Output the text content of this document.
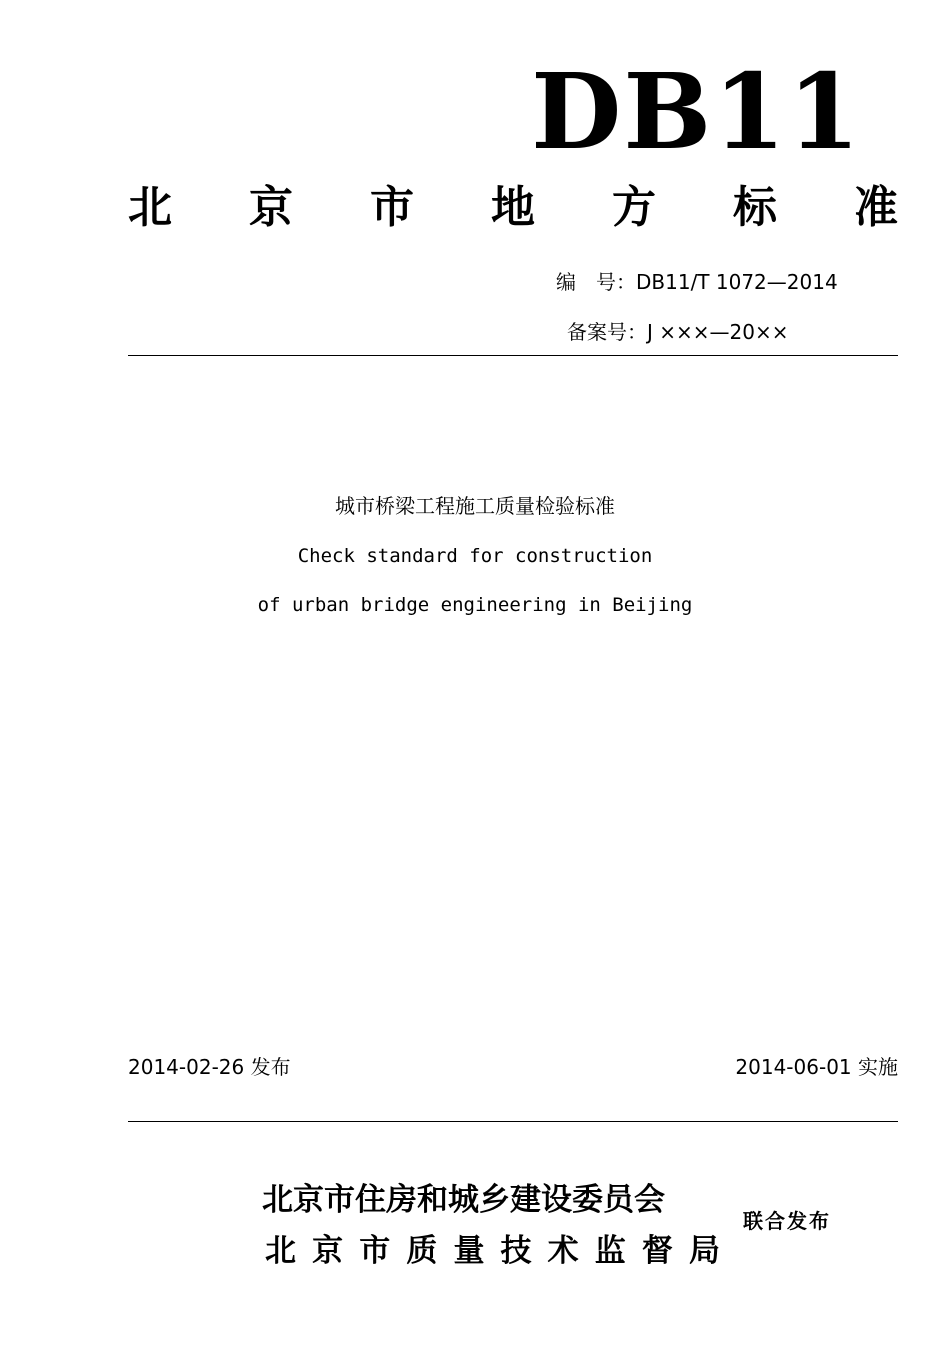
DB11
北 京 市 地 方 标 准
编　号：DB11/T 1072—2014
备案号：J ×××—20××
城市桥梁工程施工质量检验标准
Check standard for construction
of urban bridge engineering in Beijing
2014-02-26 发布	2014-06-01 实施
北京市住房和城乡建设委员会
北 京 市 质 量 技 术 监 督 局
联合发布
